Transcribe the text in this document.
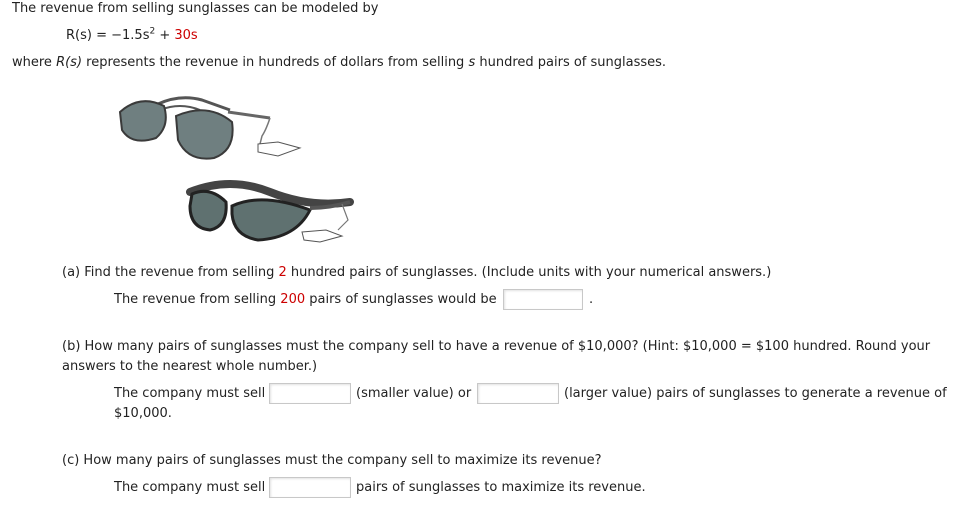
The revenue from selling sunglasses can be modeled by
$R(s) = -1.5s^2 + 30s$
where R(s) represents the revenue in hundreds of dollars from selling s hundred pairs of sunglasses.
(a) Find the revenue from selling 2 hundred pairs of sunglasses. (Include units with your numerical answers.)
The revenue from selling 200 pairs of sunglasses would be	.
(b) How many pairs of sunglasses must the company sell to have a revenue of $10,000? (Hint: $10,000 = $100 hundred. Round your
answers to the nearest whole number.)
The company must sell	(smaller value) or	(larger value) pairs of sunglasses to generate a revenue of
$10,000.
(c) How many pairs of sunglasses must the company sell to maximize its revenue?
The company must sell	pairs of sunglasses to maximize its revenue.
